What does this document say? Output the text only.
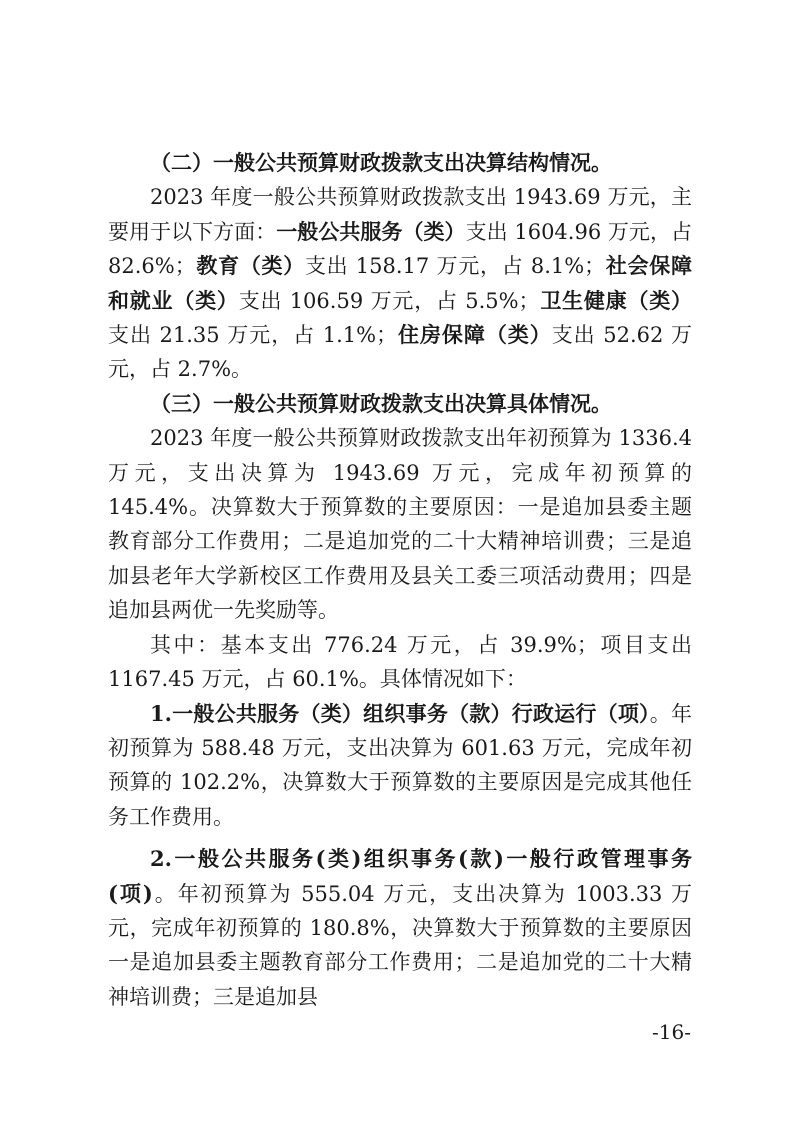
（二）一般公共预算财政拨款支出决算结构情况。

2023 年度一般公共预算财政拨款支出 1943.69 万元，主要用于以下方面：一般公共服务（类）支出 1604.96 万元，占 82.6%；教育（类）支出 158.17 万元，占 8.1%；社会保障和就业（类）支出 106.59 万元，占 5.5%；卫生健康（类）支出 21.35 万元，占 1.1%；住房保障（类）支出 52.62 万元，占 2.7%。

（三）一般公共预算财政拨款支出决算具体情况。

2023 年度一般公共预算财政拨款支出年初预算为 1336.4 万元，支出决算为 1943.69 万元，完成年初预算的 145.4%。决算数大于预算数的主要原因：一是追加县委主题教育部分工作费用；二是追加党的二十大精神培训费；三是追加县老年大学新校区工作费用及县关工委三项活动费用；四是追加县两优一先奖励等。

其中：基本支出 776.24 万元，占 39.9%；项目支出 1167.45 万元，占 60.1%。具体情况如下：

1.一般公共服务（类）组织事务（款）行政运行（项）。年初预算为 588.48 万元，支出决算为 601.63 万元，完成年初预算的 102.2%，决算数大于预算数的主要原因是完成其他任务工作费用。

2.一般公共服务(类)组织事务(款)一般行政管理事务(项)。年初预算为 555.04 万元，支出决算为 1003.33 万元，完成年初预算的 180.8%，决算数大于预算数的主要原因一是追加县委主题教育部分工作费用；二是追加党的二十大精神培训费；三是追加县

-16-
